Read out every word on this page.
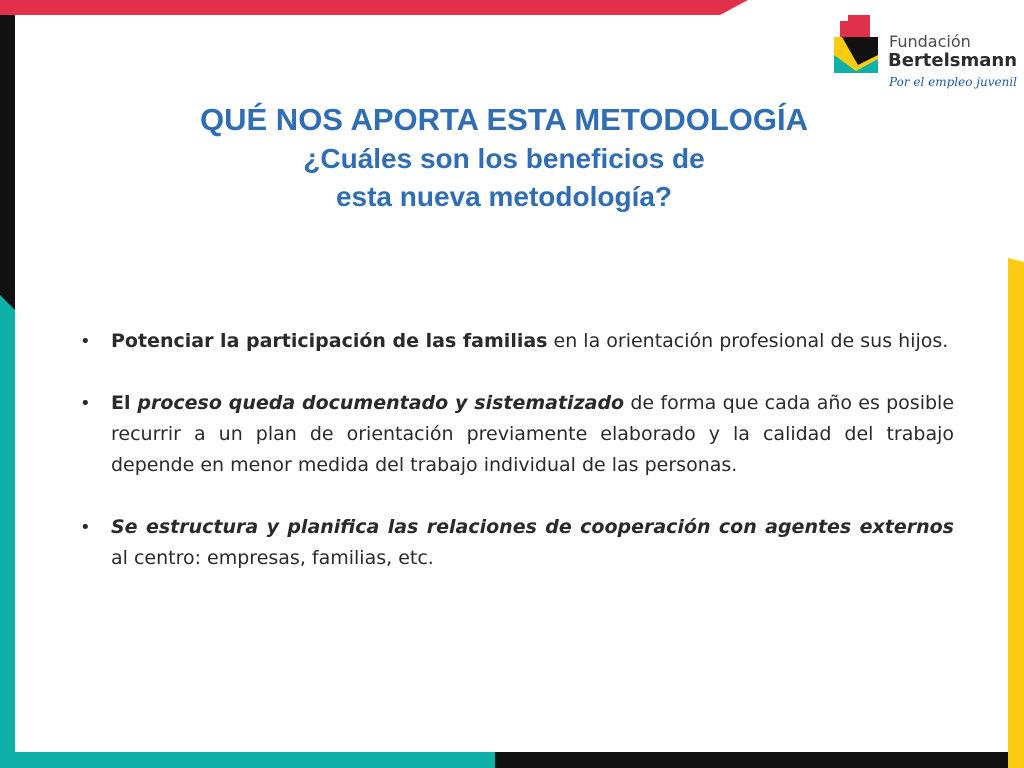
Fundación
Bertelsmann
Por el empleo juvenil

QUÉ NOS APORTA ESTA METODOLOGÍA

¿Cuáles son los beneficios de

esta nueva metodología?

• Potenciar la participación de las familias en la orientación profesional de sus hijos.
• El proceso queda documentado y sistematizado de forma que cada año es posible recurrir a un plan de orientación previamente elaborado y la calidad del trabajo depende en menor medida del trabajo individual de las personas.
• Se estructura y planifica las relaciones de cooperación con agentes externos al centro: empresas, familias, etc.
